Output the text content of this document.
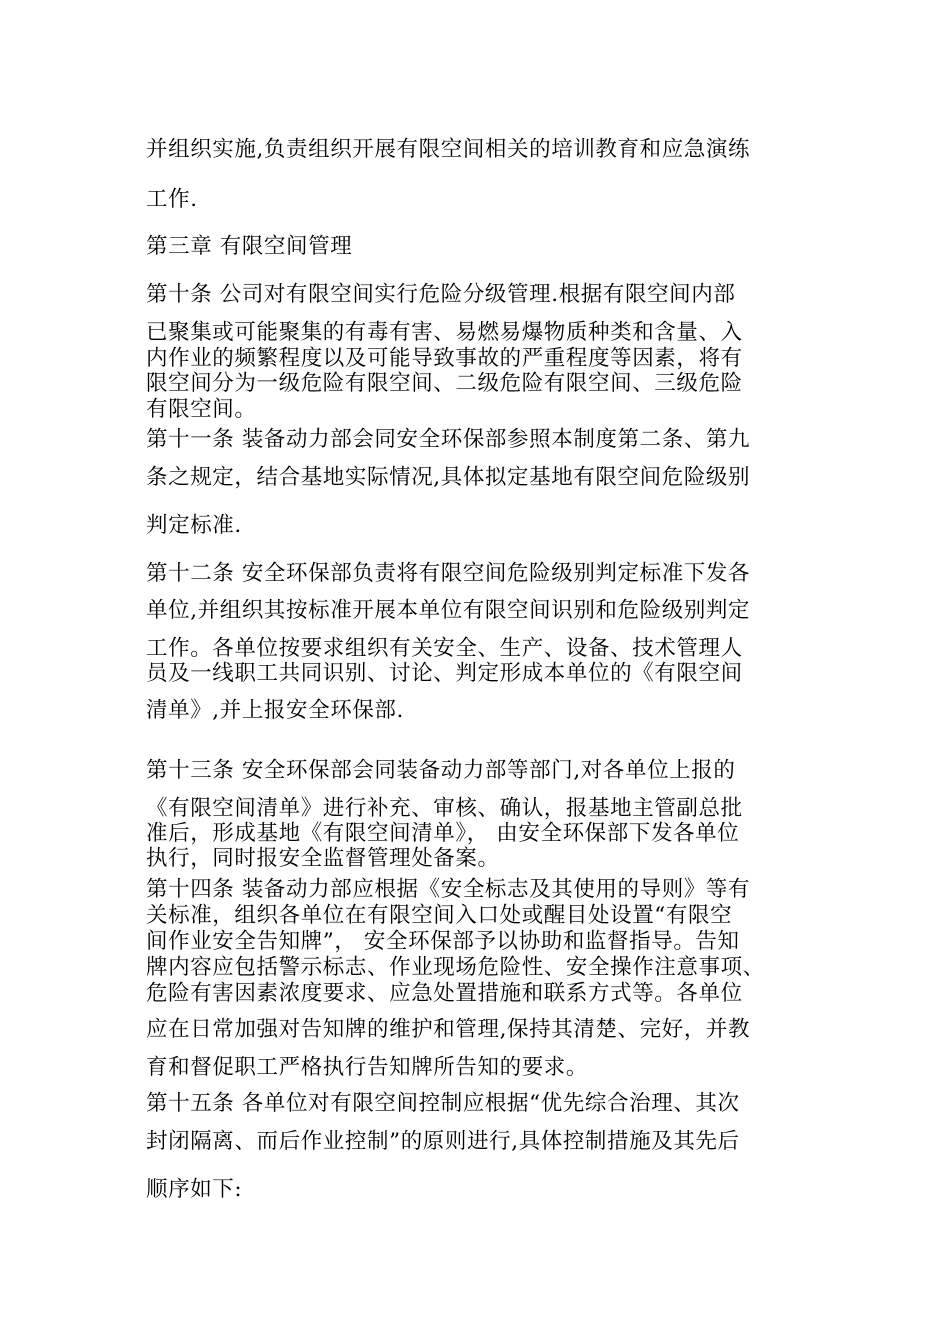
并组织实施,负责组织开展有限空间相关的培训教育和应急演练
工作.
第三章 有限空间管理
第十条 公司对有限空间实行危险分级管理.根据有限空间内部
已聚集或可能聚集的有毒有害、易燃易爆物质种类和含量、入
内作业的频繁程度以及可能导致事故的严重程度等因素，将有
限空间分为一级危险有限空间、二级危险有限空间、三级危险
有限空间。
第十一条 装备动力部会同安全环保部参照本制度第二条、第九
条之规定，结合基地实际情况,具体拟定基地有限空间危险级别
判定标准.
第十二条 安全环保部负责将有限空间危险级别判定标准下发各
单位,并组织其按标准开展本单位有限空间识别和危险级别判定
工作。各单位按要求组织有关安全、生产、设备、技术管理人
员及一线职工共同识别、讨论、判定形成本单位的《有限空间
清单》,并上报安全环保部.
第十三条 安全环保部会同装备动力部等部门,对各单位上报的
《有限空间清单》进行补充、审核、确认，报基地主管副总批
准后，形成基地《有限空间清单》， 由安全环保部下发各单位
执行，同时报安全监督管理处备案。
第十四条 装备动力部应根据《安全标志及其使用的导则》等有
关标准，组织各单位在有限空间入口处或醒目处设置“有限空
间作业安全告知牌”， 安全环保部予以协助和监督指导。告知
牌内容应包括警示标志、作业现场危险性、安全操作注意事项、
危险有害因素浓度要求、应急处置措施和联系方式等。各单位
应在日常加强对告知牌的维护和管理,保持其清楚、完好，并教
育和督促职工严格执行告知牌所告知的要求。
第十五条 各单位对有限空间控制应根据“优先综合治理、其次
封闭隔离、而后作业控制”的原则进行,具体控制措施及其先后
顺序如下:
